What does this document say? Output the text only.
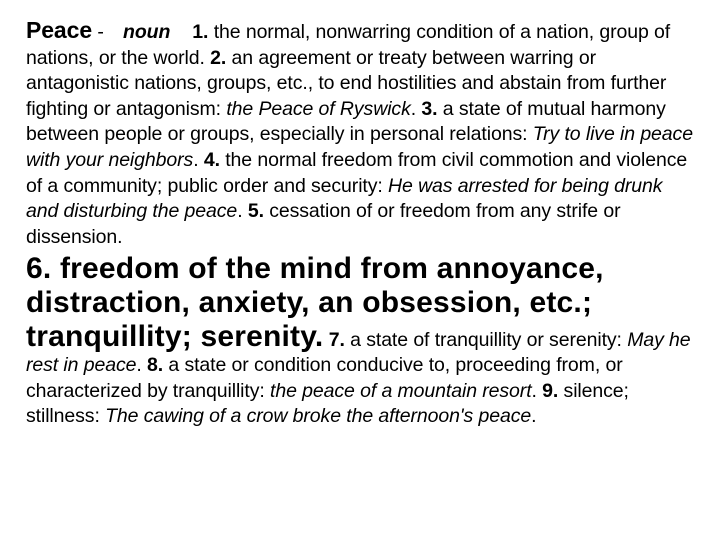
Peace - noun 1. the normal, nonwarring condition of a nation, group of nations, or the world. 2. an agreement or treaty between warring or antagonistic nations, groups, etc., to end hostilities and abstain from further fighting or antagonism: the Peace of Ryswick. 3. a state of mutual harmony between people or groups, especially in personal relations: Try to live in peace with your neighbors. 4. the normal freedom from civil commotion and violence of a community; public order and security: He was arrested for being drunk and disturbing the peace. 5. cessation of or freedom from any strife or dissension.

6. freedom of the mind from annoyance, distraction, anxiety, an obsession, etc.; tranquillity; serenity. 7. a state of tranquillity or serenity: May he rest in peace. 8. a state or condition conducive to, proceeding from, or characterized by tranquillity: the peace of a mountain resort. 9. silence; stillness: The cawing of a crow broke the afternoon's peace.
